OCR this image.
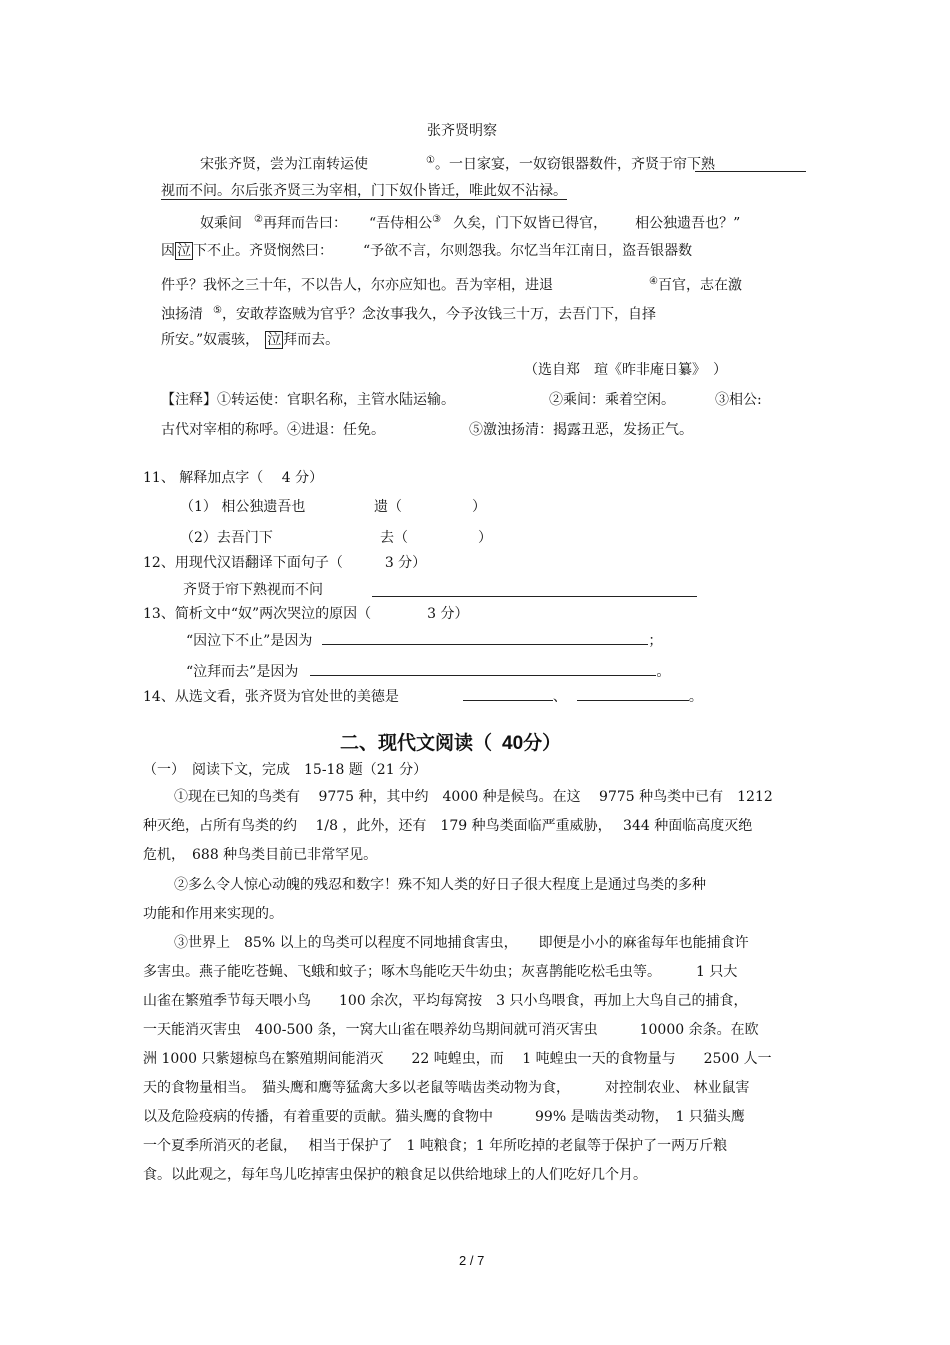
张齐贤明察
宋张齐贤，尝为江南转运使	①。一日家宴，一奴窃银器数件，齐贤于帘下熟
视而不问。尔后张齐贤三为宰相，门下奴仆皆迁，唯此奴不沾禄。
奴乘间 ②再拜而告曰： “吾侍相公③ 久矣，门下奴皆已得官， 相公独遗吾也？”
因 泣 下不止。齐贤悯然曰： “予欲不言，尔则怨我。尔忆当年江南日，盗吾银器数
件乎？我怀之三十年，不以告人，尔亦应知也。吾为宰相，进退	④百官，志在激
浊扬清 ⑤，安敢荐盗贼为官乎？念汝事我久，今予汝钱三十万，去吾门下，自择
所安。”奴震骇， 泣 拜而去。
（选自郑　瑄《昨非庵日纂》　）
【注释】①转运使：官职名称，主管水陆运输。	②乘间：乘着空闲。	③相公:
古代对宰相的称呼。④进退：任免。	⑤激浊扬清：揭露丑恶，发扬正气。
11、 解释加点字（　 4 分）
（1） 相公独遗吾也	遗（　　　　　）
（2）去吾门下	去（　　　　　）
12、用现代汉语翻译下面句子（　　　3 分）
齐贤于帘下熟视而不问
13、简析文中“奴”两次哭泣的原因（　　　　3 分）
“因泣下不止”是因为	；
“泣拜而去”是因为	。
14、从选文看，张齐贤为官处世的美德是	、	。
二、现代文阅读（ 40分）
（一）　阅读下文，完成　15-18 题（21 分）
①现在已知的鸟类有　 9775 种，其中约　4000 种是候鸟。在这　 9775 种鸟类中已有　1212
种灭绝，占所有鸟类的约　 1/8 ，此外，还有　179 种鸟类面临严重威胁，　 344 种面临高度灭绝
危机，　688 种鸟类目前已非常罕见。
②多么令人惊心动魄的残忍和数字！殊不知人类的好日子很大程度上是通过鸟类的多种
功能和作用来实现的。
③世界上　85% 以上的鸟类可以程度不同地捕食害虫，　　即便是小小的麻雀每年也能捕食许
多害虫。燕子能吃苍蝇、飞蛾和蚊子；啄木鸟能吃天牛幼虫；灰喜鹊能吃松毛虫等。　　　1 只大
山雀在繁殖季节每天喂小鸟　　100 余次，平均每窝按　3 只小鸟喂食，再加上大鸟自己的捕食，
一天能消灭害虫　400-500 条，一窝大山雀在喂养幼鸟期间就可消灭害虫　　　10000 余条。在欧
洲 1000 只紫翅椋鸟在繁殖期间能消灭　　22 吨蝗虫，而　 1 吨蝗虫一天的食物量与　　2500 人一
天的食物量相当。　猫头鹰和鹰等猛禽大多以老鼠等啮齿类动物为食，　　　对控制农业、 林业鼠害
以及危险疫病的传播，有着重要的贡献。猫头鹰的食物中　　　99% 是啮齿类动物，　1 只猫头鹰
一个夏季所消灭的老鼠，　 相当于保护了　1 吨粮食；1 年所吃掉的老鼠等于保护了一两万斤粮
食。以此观之，每年鸟儿吃掉害虫保护的粮食足以供给地球上的人们吃好几个月。
2 / 7
